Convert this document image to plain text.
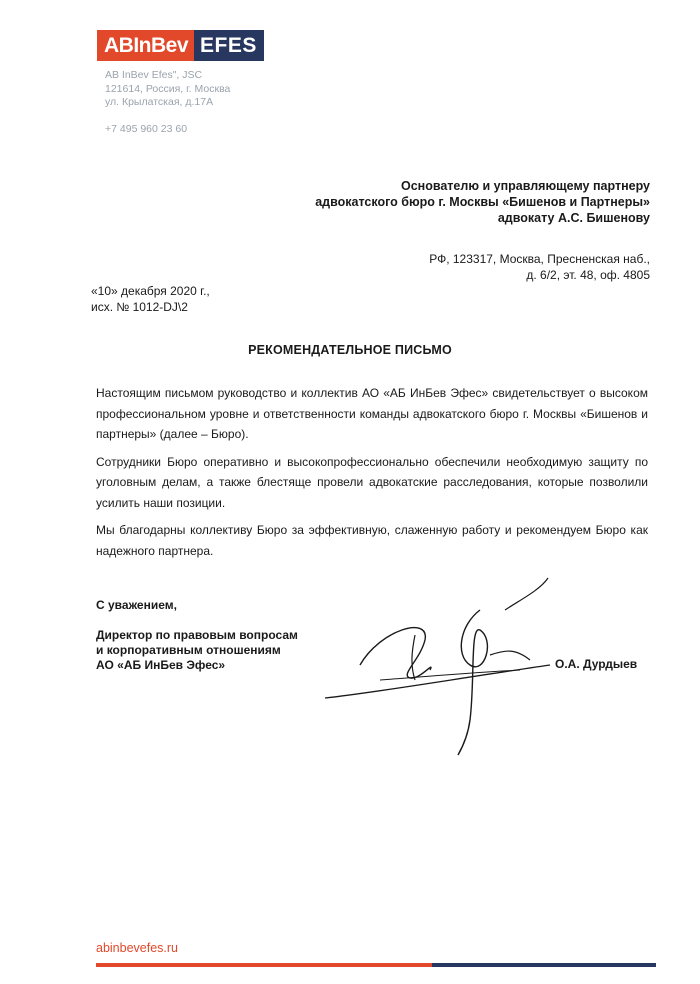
ABInBev EFES
AB InBev Efes", JSC
121614, Россия, г. Москва
ул. Крылатская, д.17А
+7 495 960 23 60
Основателю и управляющему партнеру
адвокатского бюро г. Москвы «Бишенов и Партнеры»
адвокату А.С. Бишенову
РФ, 123317, Москва, Пресненская наб.,
д. 6/2, эт. 48, оф. 4805
«10» декабря 2020 г.,
исх. № 1012-DJ\2
РЕКОМЕНДАТЕЛЬНОЕ ПИСЬМО

Настоящим письмом руководство и коллектив АО «АБ ИнБев Эфес» свидетельствует о высоком профессиональном уровне и ответственности команды адвокатского бюро г. Москвы «Бишенов и партнеры» (далее – Бюро).

Сотрудники Бюро оперативно и высокопрофессионально обеспечили необходимую защиту по уголовным делам, а также блестяще провели адвокатские расследования, которые позволили усилить наши позиции.

Мы благодарны коллективу Бюро за эффективную, слаженную работу и рекомендуем Бюро как надежного партнера.

С уважением,
Директор по правовым вопросам
и корпоративным отношениям
АО «АБ ИнБев Эфес»	О.А. Дурдыев
abinbevefes.ru
